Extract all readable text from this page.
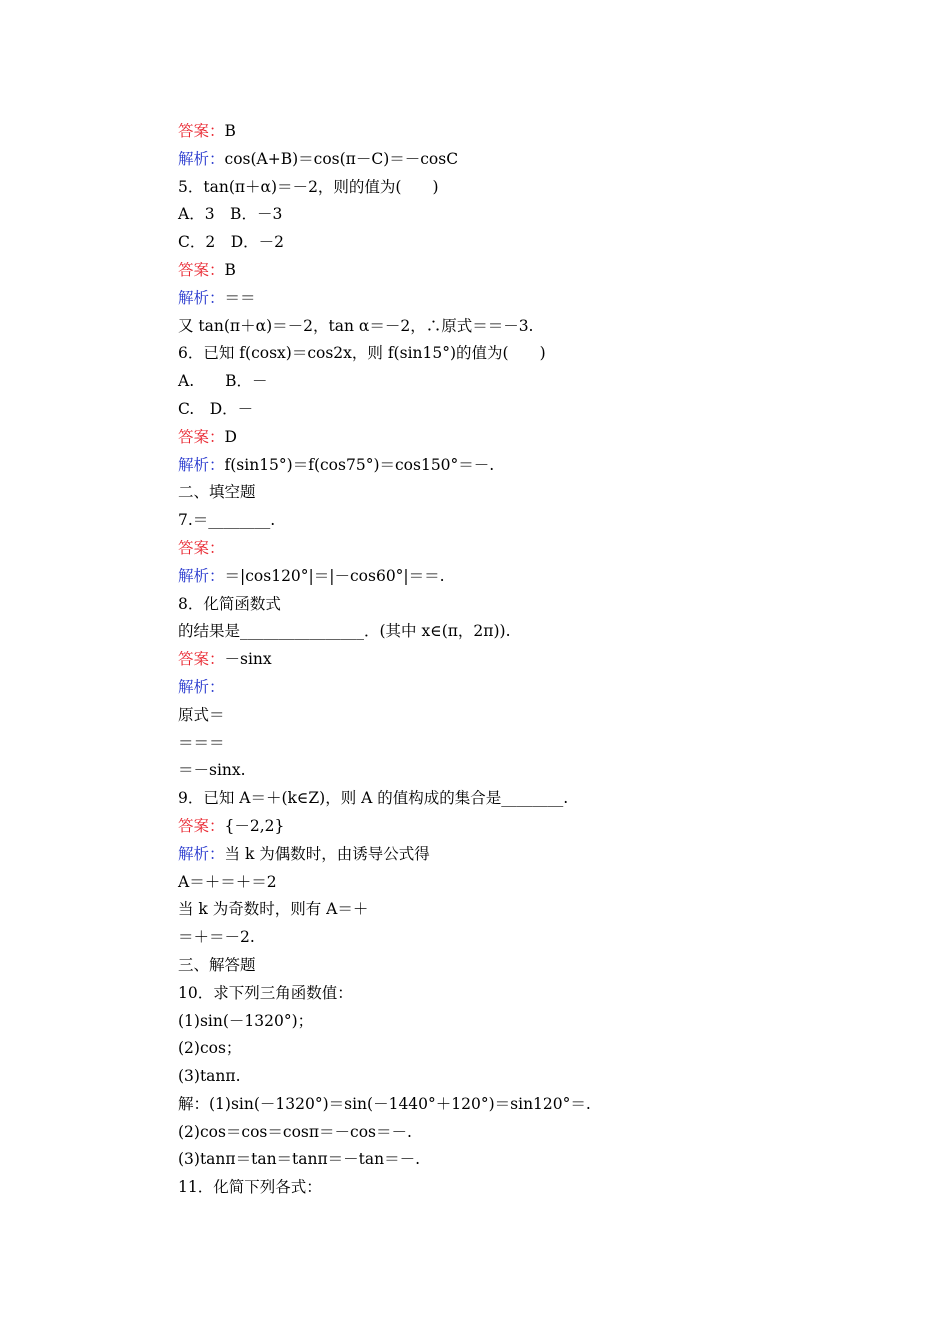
答案：B
解析：cos(A+B)＝cos(π－C)＝－cosC
5．tan(π＋α)＝－2，则的值为(　　)
A．3　B．－3
C．2　D．－2
答案：B
解析：＝＝
又 tan(π＋α)＝－2，tan α＝－2，∴原式＝＝－3.
6．已知 f(cosx)＝cos2x，则 f(sin15°)的值为(　　)
A.　　B．－
C.　D．－
答案：D
解析：f(sin15°)＝f(cos75°)＝cos150°＝－.
二、填空题
7.＝________.
答案：
解析：＝|cos120°|＝|－cos60°|＝＝.
8．化简函数式
的结果是________________．(其中 x∈(π，2π)).
答案：－sinx
解析：
原式＝
＝＝＝
＝－sinx.
9．已知 A＝＋(k∈Z)，则 A 的值构成的集合是________.
答案：{－2,2}
解析：当 k 为偶数时，由诱导公式得
A＝＋＝＋＝2
当 k 为奇数时，则有 A＝＋
＝＋＝－2.
三、解答题
10．求下列三角函数值：
(1)sin(－1320°)；
(2)cos；
(3)tanπ.
解：(1)sin(－1320°)＝sin(－1440°＋120°)＝sin120°＝.
(2)cos＝cos＝cosπ＝－cos＝－.
(3)tanπ＝tan＝tanπ＝－tan＝－.
11．化简下列各式：
